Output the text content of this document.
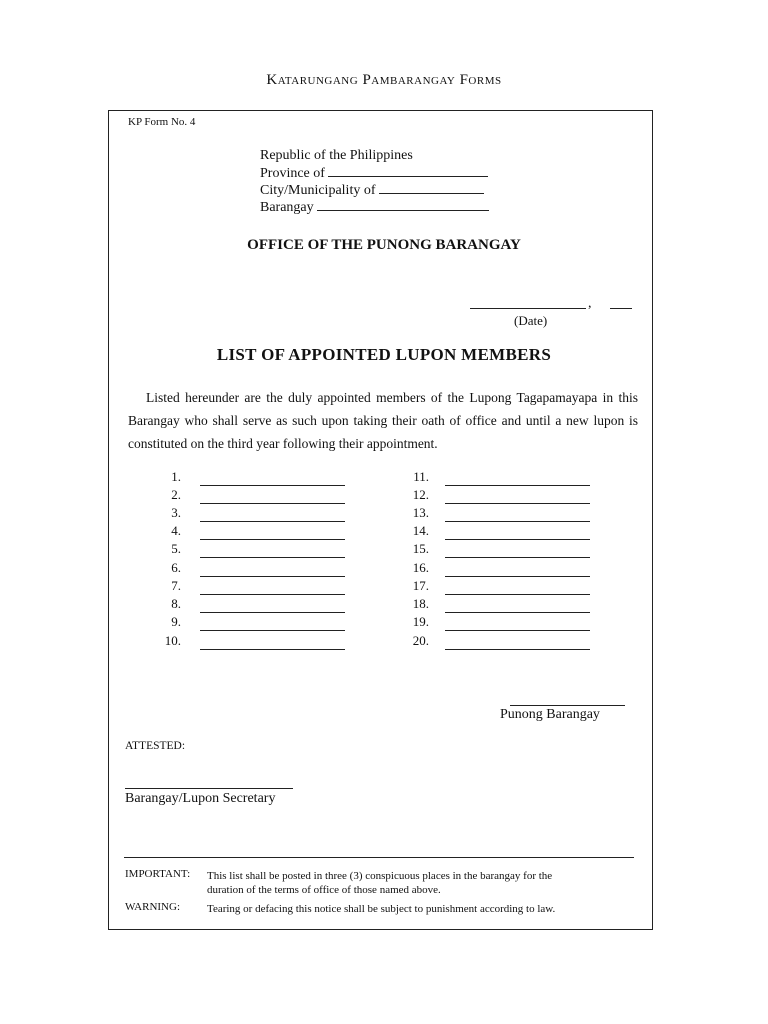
Katarungang Pambarangay Forms
KP Form No. 4
Republic of the Philippines
Province of
City/Municipality of
Barangay
OFFICE OF THE PUNONG BARANGAY
,
(Date)
LIST OF APPOINTED LUPON MEMBERS
Listed hereunder are the duly appointed members of the Lupong Tagapamayapa in this Barangay who shall serve as such upon taking their oath of office and until a new lupon is constituted on the third year following their appointment.
1.
2.
3.
4.
5.
6.
7.
8.
9.
10.
11.
12.
13.
14.
15.
16.
17.
18.
19.
20.
Punong Barangay
ATTESTED:
Barangay/Lupon Secretary
IMPORTANT: This list shall be posted in three (3) conspicuous places in the barangay for the
duration of the terms of office of those named above.
WARNING: Tearing or defacing this notice shall be subject to punishment according to law.
